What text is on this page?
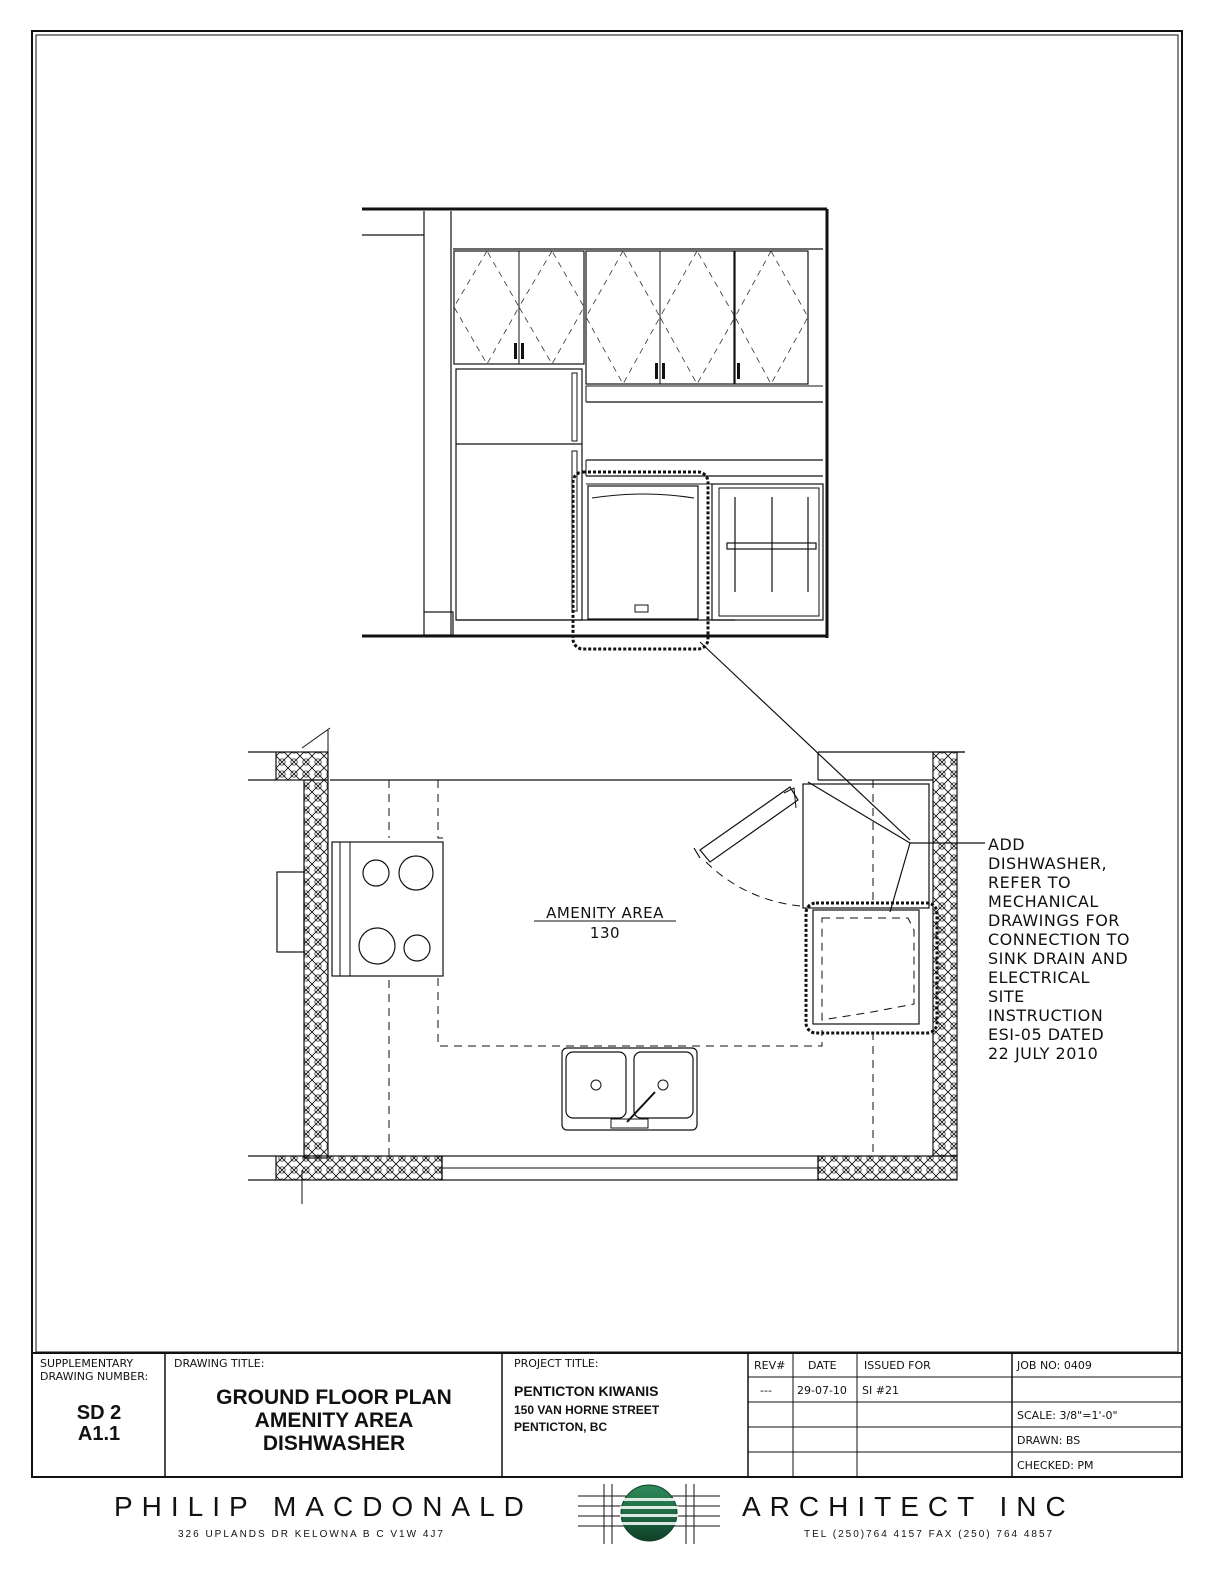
AMENITY AREA
130
ADD
DISHWASHER,
REFER TO
MECHANICAL
DRAWINGS FOR
CONNECTION TO
SINK DRAIN AND
ELECTRICAL
SITE
INSTRUCTION
ESI-05 DATED
22 JULY 2010
SUPPLEMENTARY
DRAWING NUMBER:
SD 2
A1.1
DRAWING TITLE:
GROUND FLOOR PLAN
AMENITY AREA
DISHWASHER
PROJECT TITLE:
PENTICTON KIWANIS
150 VAN HORNE STREET
PENTICTON, BC
REV# DATE ISSUED FOR
--- 29-07-10 SI #21
JOB NO: 0409
SCALE: 3/8"=1'-0"
DRAWN: BS
CHECKED: PM
PHILIP MACDONALD	ARCHITECT INC
326 UPLANDS DR KELOWNA B C V1W 4J7	TEL (250)764 4157 FAX (250) 764 4857
